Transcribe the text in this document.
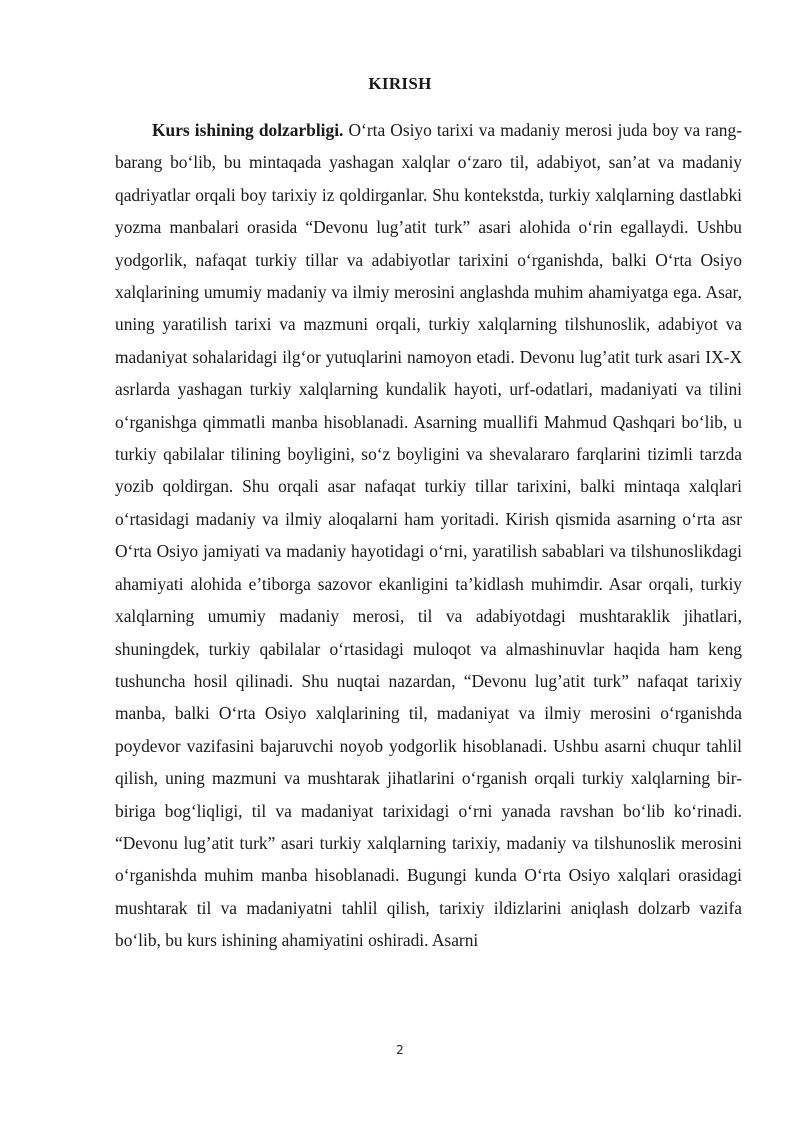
KIRISH

Kurs ishining dolzarbligi. O‘rta Osiyo tarixi va madaniy merosi juda boy va rang-barang bo‘lib, bu mintaqada yashagan xalqlar o‘zaro til, adabiyot, san’at va madaniy qadriyatlar orqali boy tarixiy iz qoldirganlar. Shu kontekstda, turkiy xalqlarning dastlabki yozma manbalari orasida “Devonu lug’atit turk” asari alohida o‘rin egallaydi. Ushbu yodgorlik, nafaqat turkiy tillar va adabiyotlar tarixini o‘rganishda, balki O‘rta Osiyo xalqlarining umumiy madaniy va ilmiy merosini anglashda muhim ahamiyatga ega. Asar, uning yaratilish tarixi va mazmuni orqali, turkiy xalqlarning tilshunoslik, adabiyot va madaniyat sohalaridagi ilg‘or yutuqlarini namoyon etadi. Devonu lug’atit turk asari IX-X asrlarda yashagan turkiy xalqlarning kundalik hayoti, urf-odatlari, madaniyati va tilini o‘rganishga qimmatli manba hisoblanadi. Asarning muallifi Mahmud Qashqari bo‘lib, u turkiy qabilalar tilining boyligini, so‘z boyligini va shevalararo farqlarini tizimli tarzda yozib qoldirgan. Shu orqali asar nafaqat turkiy tillar tarixini, balki mintaqa xalqlari o‘rtasidagi madaniy va ilmiy aloqalarni ham yoritadi. Kirish qismida asarning o‘rta asr O‘rta Osiyo jamiyati va madaniy hayotidagi o‘rni, yaratilish sabablari va tilshunoslikdagi ahamiyati alohida e’tiborga sazovor ekanligini ta’kidlash muhimdir. Asar orqali, turkiy xalqlarning umumiy madaniy merosi, til va adabiyotdagi mushtaraklik jihatlari, shuningdek, turkiy qabilalar o‘rtasidagi muloqot va almashinuvlar haqida ham keng tushuncha hosil qilinadi. Shu nuqtai nazardan, “Devonu lug’atit turk” nafaqat tarixiy manba, balki O‘rta Osiyo xalqlarining til, madaniyat va ilmiy merosini o‘rganishda poydevor vazifasini bajaruvchi noyob yodgorlik hisoblanadi. Ushbu asarni chuqur tahlil qilish, uning mazmuni va mushtarak jihatlarini o‘rganish orqali turkiy xalqlarning bir-biriga bog‘liqligi, til va madaniyat tarixidagi o‘rni yanada ravshan bo‘lib ko‘rinadi. “Devonu lug’atit turk” asari turkiy xalqlarning tarixiy, madaniy va tilshunoslik merosini o‘rganishda muhim manba hisoblanadi. Bugungi kunda O‘rta Osiyo xalqlari orasidagi mushtarak til va madaniyatni tahlil qilish, tarixiy ildizlarini aniqlash dolzarb vazifa bo‘lib, bu kurs ishining ahamiyatini oshiradi. Asarni

2
